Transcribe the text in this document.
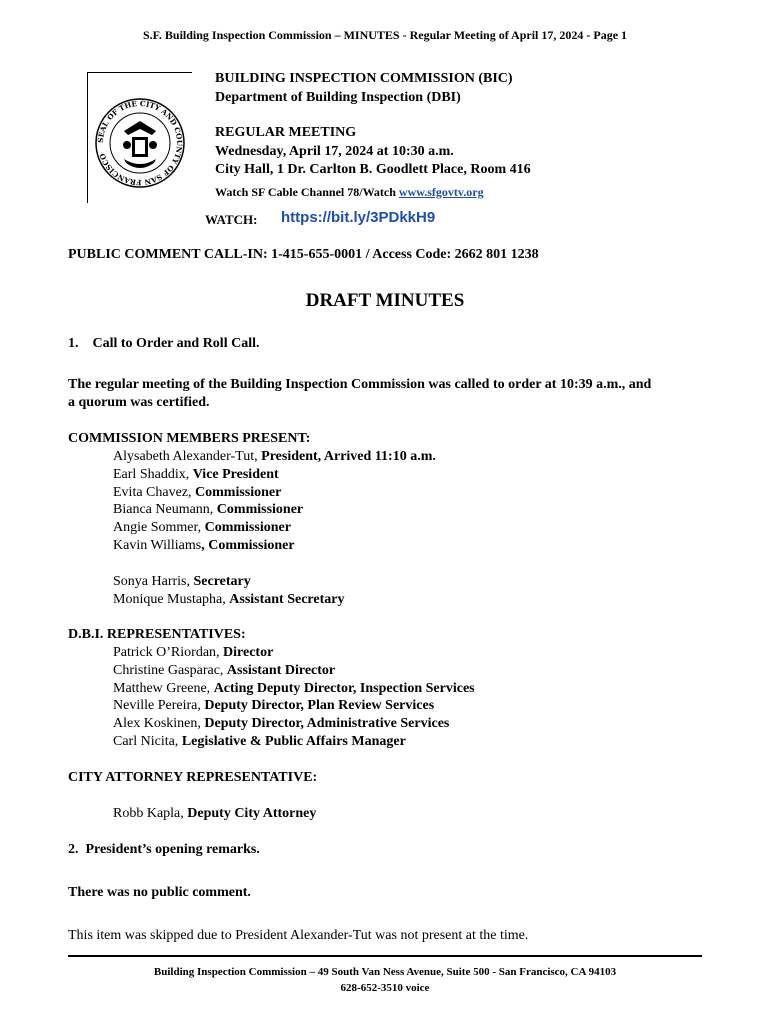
S.F. Building Inspection Commission – MINUTES - Regular Meeting of April 17, 2024 - Page 1
SEAL OF THE CITY AND COUNTY OF SAN FRANCISCO
BUILDING INSPECTION COMMISSION (BIC)
Department of Building Inspection (DBI)
REGULAR MEETING
Wednesday, April 17, 2024 at 10:30 a.m.
City Hall, 1 Dr. Carlton B. Goodlett Place, Room 416
Watch SF Cable Channel 78/Watch www.sfgovtv.org
WATCH: https://bit.ly/3PDkkH9
PUBLIC COMMENT CALL-IN: 1-415-655-0001 / Access Code: 2662 801 1238
DRAFT MINUTES
1.    Call to Order and Roll Call.
The regular meeting of the Building Inspection Commission was called to order at 10:39 a.m., and
a quorum was certified.
COMMISSION MEMBERS PRESENT:
Alysabeth Alexander-Tut, President, Arrived 11:10 a.m.
Earl Shaddix, Vice President
Evita Chavez, Commissioner
Bianca Neumann, Commissioner
Angie Sommer, Commissioner
Kavin Williams, Commissioner
Sonya Harris, Secretary
Monique Mustapha, Assistant Secretary
D.B.I. REPRESENTATIVES:
Patrick O’Riordan, Director
Christine Gasparac, Assistant Director
Matthew Greene, Acting Deputy Director, Inspection Services
Neville Pereira, Deputy Director, Plan Review Services
Alex Koskinen, Deputy Director, Administrative Services
Carl Nicita, Legislative & Public Affairs Manager
CITY ATTORNEY REPRESENTATIVE:
Robb Kapla, Deputy City Attorney
2.  President’s opening remarks.
There was no public comment.
This item was skipped due to President Alexander-Tut was not present at the time.
Building Inspection Commission – 49 South Van Ness Avenue, Suite 500 - San Francisco, CA 94103
628-652-3510 voice
